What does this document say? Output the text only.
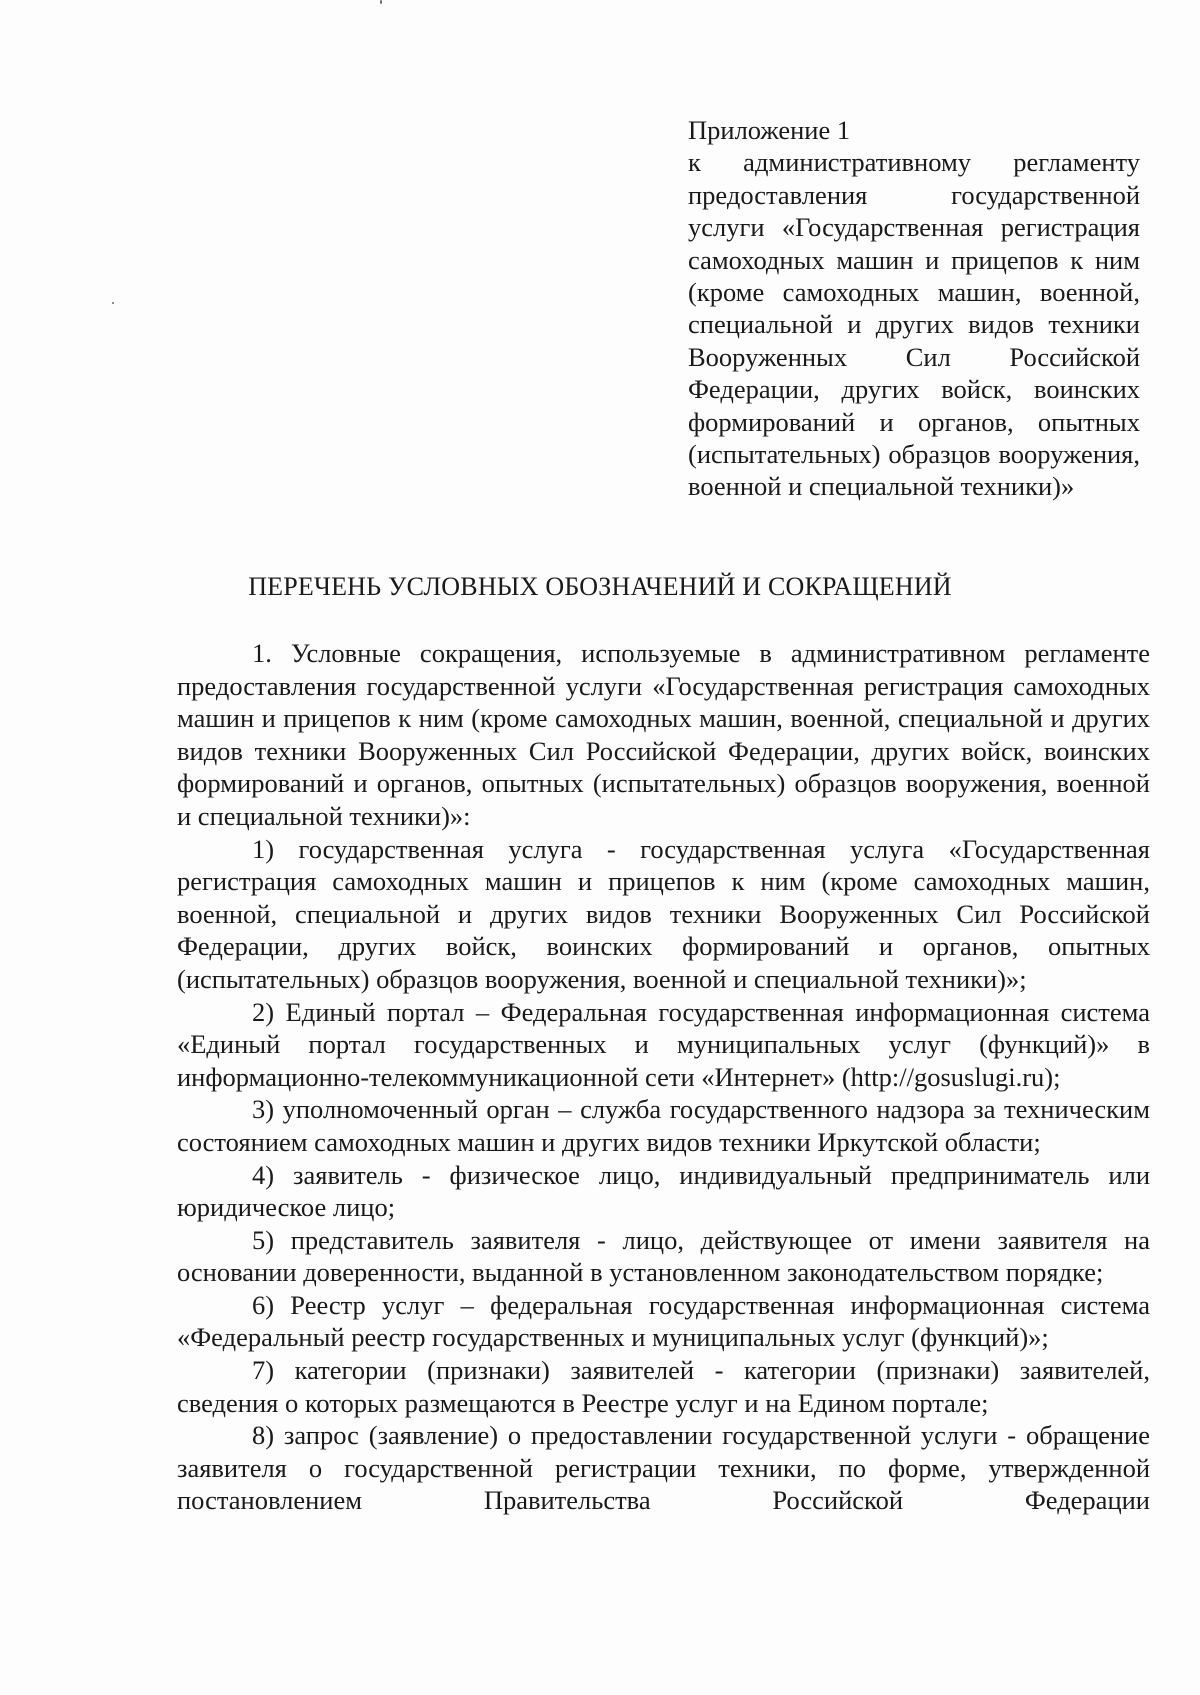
Приложение 1
к административному регламенту предоставления государственной услуги «Государственная регистрация самоходных машин и прицепов к ним (кроме самоходных машин, военной, специальной и других видов техники Вооруженных Сил Российской Федерации, других войск, воинских формирований и органов, опытных (испытательных) образцов вооружения, военной и специальной техники)»
ПЕРЕЧЕНЬ УСЛОВНЫХ ОБОЗНАЧЕНИЙ И СОКРАЩЕНИЙ

1. Условные сокращения, используемые в административном регламенте предоставления государственной услуги «Государственная регистрация самоходных машин и прицепов к ним (кроме самоходных машин, военной, специальной и других видов техники Вооруженных Сил Российской Федерации, других войск, воинских формирований и органов, опытных (испытательных) образцов вооружения, военной и специальной техники)»:

1) государственная услуга - государственная услуга «Государственная регистрация самоходных машин и прицепов к ним (кроме самоходных машин, военной, специальной и других видов техники Вооруженных Сил Российской Федерации, других войск, воинских формирований и органов, опытных (испытательных) образцов вооружения, военной и специальной техники)»;

2) Единый портал – Федеральная государственная информационная система «Единый портал государственных и муниципальных услуг (функций)» в информационно-телекоммуникационной сети «Интернет» (http://gosuslugi.ru);

3) уполномоченный орган – служба государственного надзора за техническим состоянием самоходных машин и других видов техники Иркутской области;

4) заявитель - физическое лицо, индивидуальный предприниматель или юридическое лицо;

5) представитель заявителя - лицо, действующее от имени заявителя на основании доверенности, выданной в установленном законодательством порядке;

6) Реестр услуг – федеральная государственная информационная система «Федеральный реестр государственных и муниципальных услуг (функций)»;

7) категории (признаки) заявителей - категории (признаки) заявителей, сведения о которых размещаются в Реестре услуг и на Едином портале;

8) запрос (заявление) о предоставлении государственной услуги - обращение заявителя о государственной регистрации техники, по форме, утвержденной постановлением Правительства Российской Федерации
